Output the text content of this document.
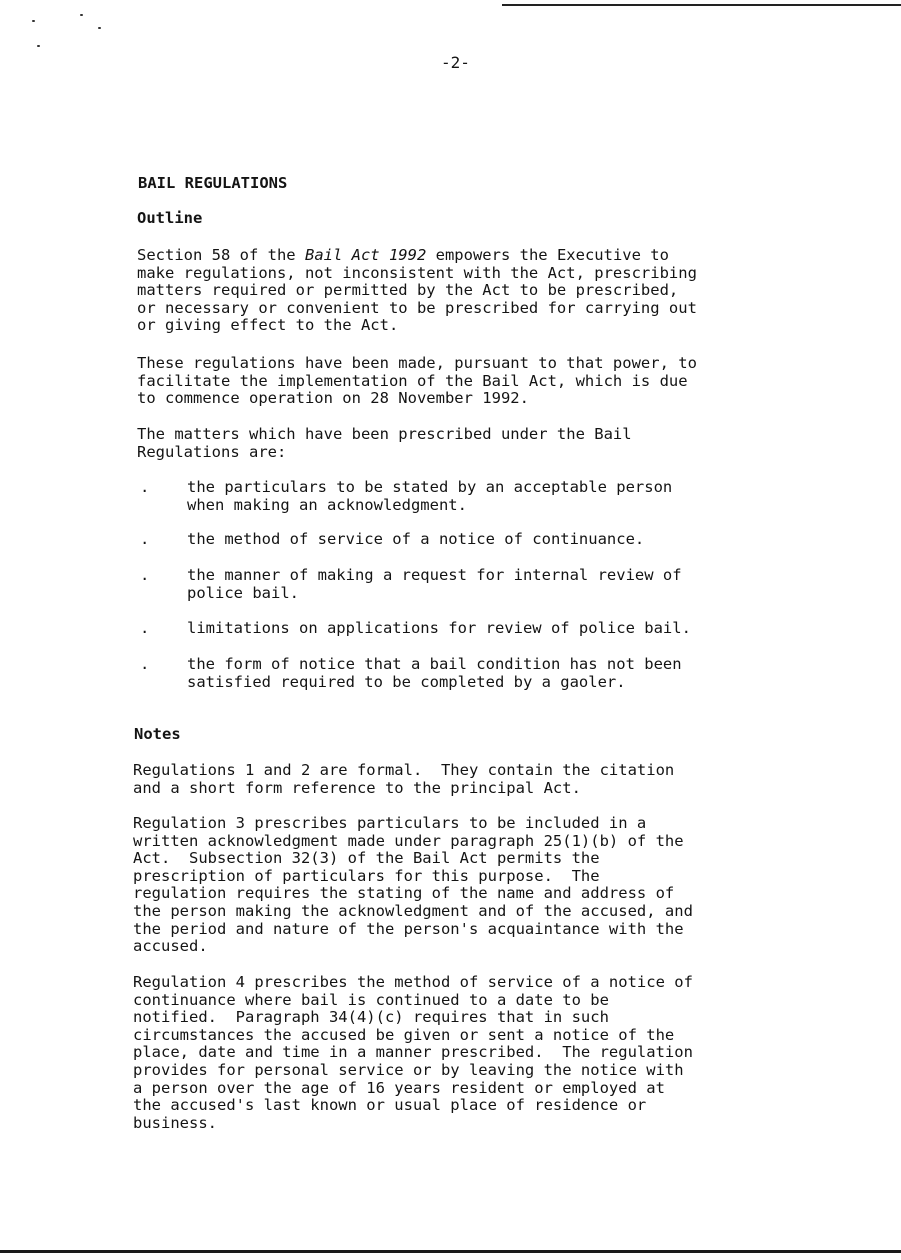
-2-
BAIL REGULATIONS
Outline
Section 58 of the Bail Act 1992 empowers the Executive to
make regulations, not inconsistent with the Act, prescribing
matters required or permitted by the Act to be prescribed,
or necessary or convenient to be prescribed for carrying out
or giving effect to the Act.
These regulations have been made, pursuant to that power, to
facilitate the implementation of the Bail Act, which is due
to commence operation on 28 November 1992.
The matters which have been prescribed under the Bail
Regulations are:
. the particulars to be stated by an acceptable person
when making an acknowledgment.
. the method of service of a notice of continuance.
. the manner of making a request for internal review of
police bail.
. limitations on applications for review of police bail.
. the form of notice that a bail condition has not been
satisfied required to be completed by a gaoler.
Notes
Regulations 1 and 2 are formal.  They contain the citation
and a short form reference to the principal Act.
Regulation 3 prescribes particulars to be included in a
written acknowledgment made under paragraph 25(1)(b) of the
Act.  Subsection 32(3) of the Bail Act permits the
prescription of particulars for this purpose.  The
regulation requires the stating of the name and address of
the person making the acknowledgment and of the accused, and
the period and nature of the person's acquaintance with the
accused.
Regulation 4 prescribes the method of service of a notice of
continuance where bail is continued to a date to be
notified.  Paragraph 34(4)(c) requires that in such
circumstances the accused be given or sent a notice of the
place, date and time in a manner prescribed.  The regulation
provides for personal service or by leaving the notice with
a person over the age of 16 years resident or employed at
the accused's last known or usual place of residence or
business.
